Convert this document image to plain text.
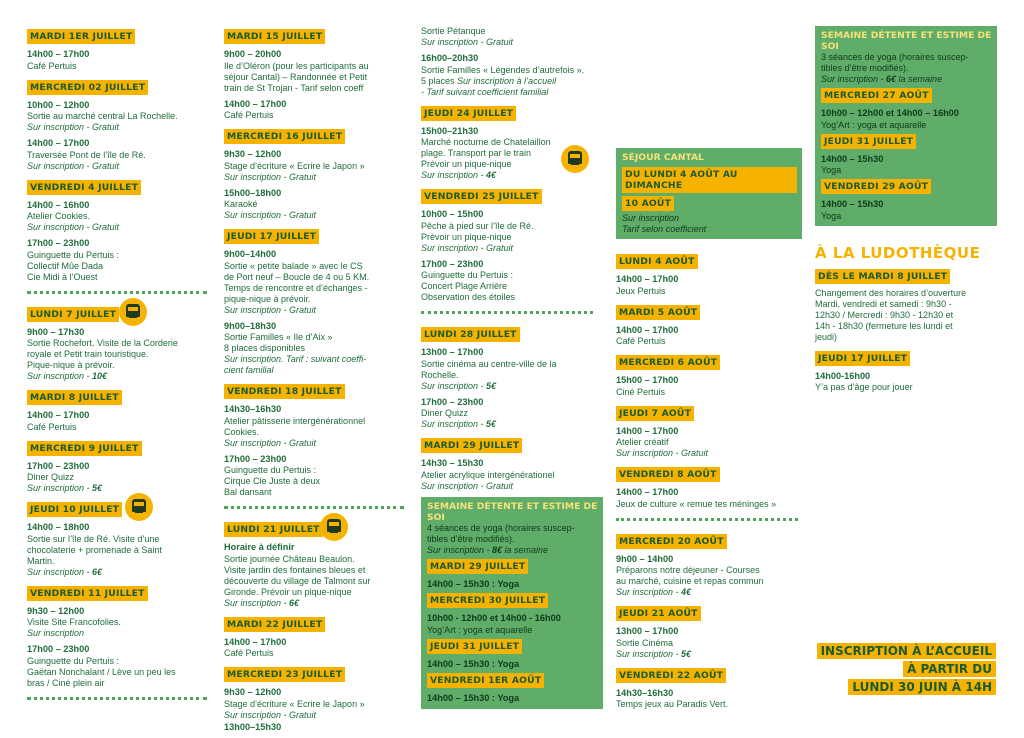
MARDI 1ER JUILLET
14h00 – 17h00
Café Pertuis
MERCREDI 02 JUILLET
10h00 – 12h00
Sortie au marché central La Rochelle.
Sur inscription - Gratuit
14h00 – 17h00
Traversée Pont de l’île de Ré.
Sur inscription - Gratuit
VENDREDI 4 JUILLET
14h00 – 16h00
Atelier Cookies.
Sur inscription - Gratuit
17h00 – 23h00
Guinguette du Pertuis :
Collectif Mûe Dada
Cie Midi à l’Ouest
LUNDI 7 JUILLET
9h00 – 17h30
Sortie Rochefort. Visite de la Corderie
royale et Petit train touristique.
Pique-nique à prévoir.
Sur inscription - 10€
MARDI 8 JUILLET
14h00 – 17h00
Café Pertuis
MERCREDI 9 JUILLET
17h00 – 23h00
Diner Quizz
Sur inscription - 5€
JEUDI 10 JUILLET
14h00 – 18h00
Sortie sur l’île de Ré. Visite d’une
chocolaterie + promenade à Saint
Martin.
Sur inscription - 6€
VENDREDI 11 JUILLET
9h30 – 12h00
Visite Site Francofolies.
Sur inscription
17h00 – 23h00
Guinguette du Pertuis :
Gaëtan Nonchalant / Lève un peu les
bras / Ciné plein air
MARDI 15 JUILLET
9h00 – 20h00
Ile d’Oléron (pour les participants au
séjour Cantal) – Randonnée et Petit
train de St Trojan - Tarif selon coeff
14h00 – 17h00
Café Pertuis
MERCREDI 16 JUILLET
9h30 – 12h00
Stage d’écriture « Ecrire le Japon »
Sur inscription - Gratuit
15h00–18h00
Karaoké
Sur inscription - Gratuit
JEUDI 17 JUILLET
9h00–14h00
Sortie « petite balade » avec le CS
de Port neuf – Boucle de 4 ou 5 KM.
Temps de rencontre et d’échanges -
pique-nique à prévoir.
Sur inscription - Gratuit
9h00–18h30
Sortie Familles « Ile d’Aix »
8 places disponibles
Sur inscription. Tarif : suivant coeffi-
cient familial
VENDREDI 18 JUILLET
14h30–16h30
Atelier pâtisserie intergénérationnel
Cookies.
Sur inscription - Gratuit
17h00 – 23h00
Guinguette du Pertuis :
Cirque Cie Juste à deux
Bal dansant
LUNDI 21 JUILLET
Horaire à définir
Sortie journée Château Beaulon.
Visite jardin des fontaines bleues et
découverte du village de Talmont sur
Gironde. Prévoir un pique-nique
Sur inscription - 6€
MARDI 22 JUILLET
14h00 – 17h00
Café Pertuis
MERCREDI 23 JUILLET
9h30 – 12h00
Stage d’écriture « Ecrire le Japon »
Sur inscription - Gratuit
13h00–15h30
Sortie Pétanque
Sur inscription - Gratuit
16h00–20h30
Sortie Familles « Légendes d’autrefois ».
5 places Sur inscription à l’accueil
- Tarif suivant coefficient familial
JEUDI 24 JUILLET
15h00–21h30
Marché nocturne de Chatelaillon
plage. Transport par le train
Prévoir un pique-nique
Sur inscription - 4€
VENDREDI 25 JUILLET
10h00 – 15h00
Pêche à pied sur l’île de Ré.
Prévoir un pique-nique
Sur inscription - Gratuit
17h00 – 23h00
Guinguette du Pertuis :
Concert Plage Arrière
Observation des étoiles
LUNDI 28 JUILLET
13h00 – 17h00
Sortie cinéma au centre-ville de la
Rochelle.
Sur inscription - 5€
17h00 – 23h00
Diner Quizz
Sur inscription - 5€
MARDI 29 JUILLET
14h30 – 15h30
Atelier acrylique intergénérationel
Sur inscription - Gratuit
SEMAINE DÉTENTE ET ESTIME DE SOI
4 séances de yoga (horaires suscep-
tibles d’être modifiés).
Sur inscription - 8€ la semaine
MARDI 29 JUILLET
14h00 – 15h30 : Yoga
MERCREDI 30 JUILLET
10h00 - 12h00 et 14h00 - 16h00
Yog’Art : yoga et aquarelle
JEUDI 31 JUILLET
14h00 – 15h30 : Yoga
VENDREDI 1ER AOÛT
14h00 – 15h30 : Yoga
SÉJOUR CANTAL
DU LUNDI 4 AOÛT AU DIMANCHE
10 AOÛT
Sur inscription
Tarif selon coefficient
LUNDI 4 AOÛT
14h00 – 17h00
Jeux Pertuis
MARDI 5 AOÛT
14h00 – 17h00
Café Pertuis
MERCREDI 6 AOÛT
15h00 – 17h00
Ciné Pertuis
JEUDI 7 AOÛT
14h00 – 17h00
Atelier créatif
Sur inscription - Gratuit
VENDREDI 8 AOÛT
14h00 – 17h00
Jeux de culture « remue tes méninges »
MERCREDI 20 AOÛT
9h00 – 14h00
Préparons notre déjeuner - Courses
au marché, cuisine et repas commun
Sur inscription - 4€
JEUDI 21 AOÛT
13h00 – 17h00
Sortie Cinéma
Sur inscription - 5€
VENDREDI 22 AOÛT
14h30–16h30
Temps jeux au Paradis Vert.
SEMAINE DÉTENTE ET ESTIME DE SOI
3 séances de yoga (horaires suscep-
tibles d’être modifiés).
Sur inscription - 6€ la semaine
MERCREDI 27 AOÛT
10h00 – 12h00 et 14h00 – 16h00
Yog’Art : yoga et aquarelle
JEUDI 31 JUILLET
14h00 – 15h30
Yoga
VENDREDI 29 AOÛT
14h00 – 15h30
Yoga
À LA LUDOTHÈQUE
DÈS LE MARDI 8 JUILLET
Changement des horaires d’ouverture
Mardi, vendredi et samedi : 9h30 -
12h30 / Mercredi : 9h30 - 12h30 et
14h - 18h30 (fermeture les lundi et
jeudi)
JEUDI 17 JUILLET
14h00-16h00
Y’a pas d’âge pour jouer
INSCRIPTION À L’ACCUEIL
À PARTIR DU
LUNDI 30 JUIN À 14H
